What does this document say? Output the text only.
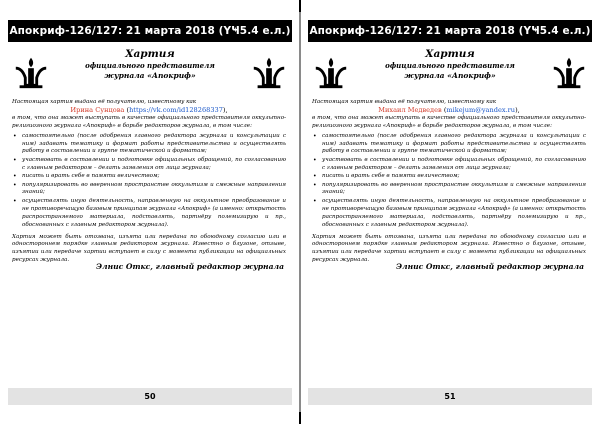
Апокриф-126/127: 21 марта 2018 (ҮҸ5.4 е.л.)
Хартия
официального представителя
журнала «Апокриф»

Настоящая хартия выдана её получателю, известному как

Ирина Сунцова (https://vk.com/id128268337),

в том, что она может выступать в качестве официального представителя оккультно-религиозного журнала «Апокриф» в борьбе редакторов журнала, в том числе:

• самостоятельно (после одобрения главного редактора журнала и консультации с ним) задавать тематику и формат работы представительства и осуществлять работу в составлении и группе тематической и форматам;
• участвовать в составлении и подготовке официальных обращений, по согласованию с главным редактором – делать заявления от лица журнала;
• писать и врать себе в памяти величеством;
• популяризировать во вверенном пространстве оккультизм и смежные направления знаний;
• осуществлять иную деятельность, направленную на оккультное преобразование и не противоречащую базовым принципам журнала «Апокриф» (а именно: открытость распространяемого материала, подставлять, партнёру полемизирую и пр., обоснованных с главным редактором журнала).

Хартия может быть отозвана, изъята или передана по обоюдному согласию или в одностороннем порядке главным редактором журнала. Известно о блузоне, отзыве, изъятии или передаче хартии вступает в силу с момента публикации на официальных ресурсах журнала.

Элнис Откс, главный редактор журнала
50
Апокриф-126/127: 21 марта 2018 (ҮҸ5.4 е.л.)
Хартия
официального представителя
журнала «Апокриф»

Настоящая хартия выдана её получателю, известному как

Михаил Медведев (mikejum@yandex.ru),

в том, что она может выступать в качестве официального представителя оккультно-религиозного журнала «Апокриф» в борьбе редакторов журнала, в том числе:

• самостоятельно (после одобрения главного редактора журнала и консультации с ним) задавать тематику и формат работы представительства и осуществлять работу в составлении и группе тематической и форматам;
• участвовать в составлении и подготовке официальных обращений, по согласованию с главным редактором – делать заявления от лица журнала;
• писать и врать себе в памяти величеством;
• популяризировать во вверенном пространстве оккультизм и смежные направления знаний;
• осуществлять иную деятельность, направленную на оккультное преобразование и не противоречащую базовым принципам журнала «Апокриф» (а именно: открытость распространяемого материала, подставлять, партнёру полемизирую и пр., обоснованных с главным редактором журнала).

Хартия может быть отозвана, изъята или передана по обоюдному согласию или в одностороннем порядке главным редактором журнала. Известно о блузоне, отзыве, изъятии или передаче хартии вступает в силу с момента публикации на официальных ресурсах журнала.

Элнис Откс, главный редактор журнала
51
